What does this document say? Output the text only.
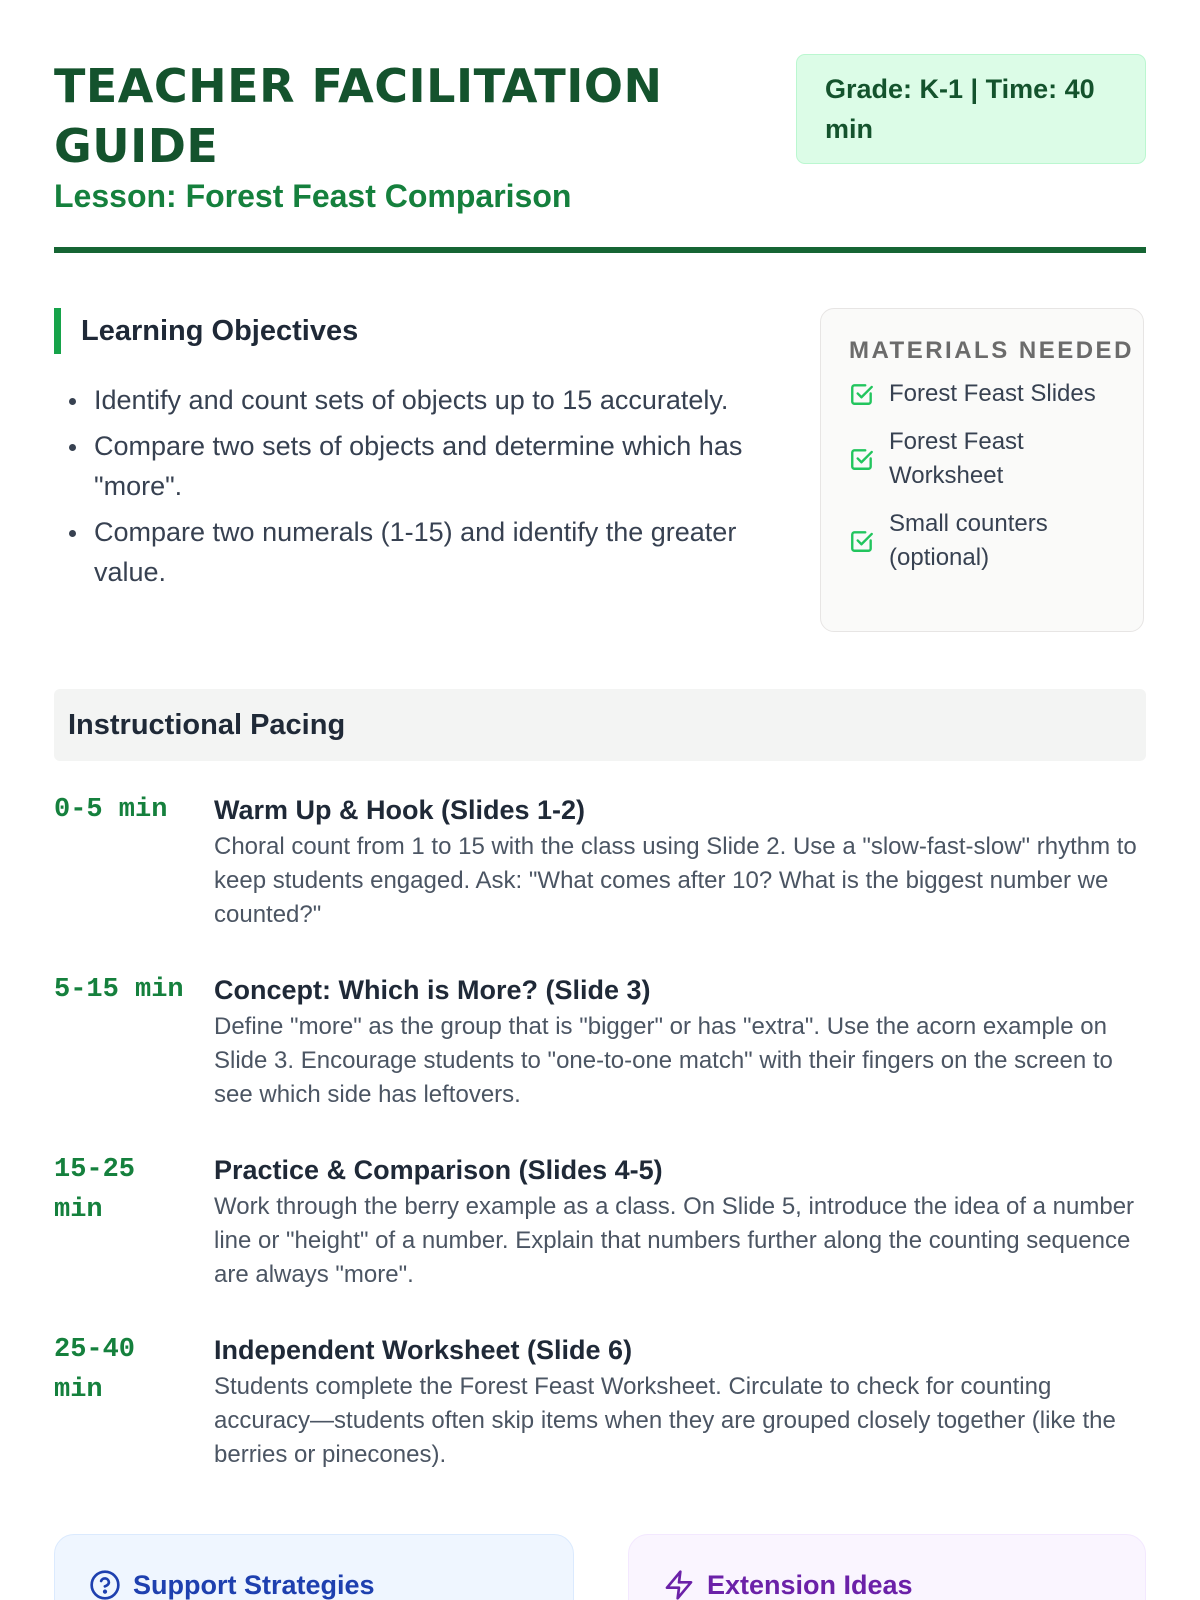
TEACHER FACILITATION
GUIDE
Lesson: Forest Feast Comparison
Grade: K-1 | Time: 40 min
Learning Objectives
Identify and count sets of objects up to 15 accurately.
Compare two sets of objects and determine which has "more".
Compare two numerals (1-15) and identify the greater value.
MATERIALS NEEDED
Forest Feast Slides
Forest Feast Worksheet
Small counters (optional)
Instructional Pacing
0-5 min	Warm Up & Hook (Slides 1-2)

Choral count from 1 to 15 with the class using Slide 2. Use a "slow-fast-slow" rhythm to keep students engaged. Ask: "What comes after 10? What is the biggest number we counted?"

5-15 min	Concept: Which is More? (Slide 3)

Define "more" as the group that is "bigger" or has "extra". Use the acorn example on Slide 3. Encourage students to "one-to-one match" with their fingers on the screen to see which side has leftovers.

15-25 min
Practice & Comparison (Slides 4-5)

Work through the berry example as a class. On Slide 5, introduce the idea of a number line or "height" of a number. Explain that numbers further along the counting sequence are always "more".

25-40 min
Independent Worksheet (Slide 6)

Students complete the Forest Feast Worksheet. Circulate to check for counting accuracy—students often skip items when they are grouped closely together (like the berries or pinecones).

Support Strategies	Extension Ideas
